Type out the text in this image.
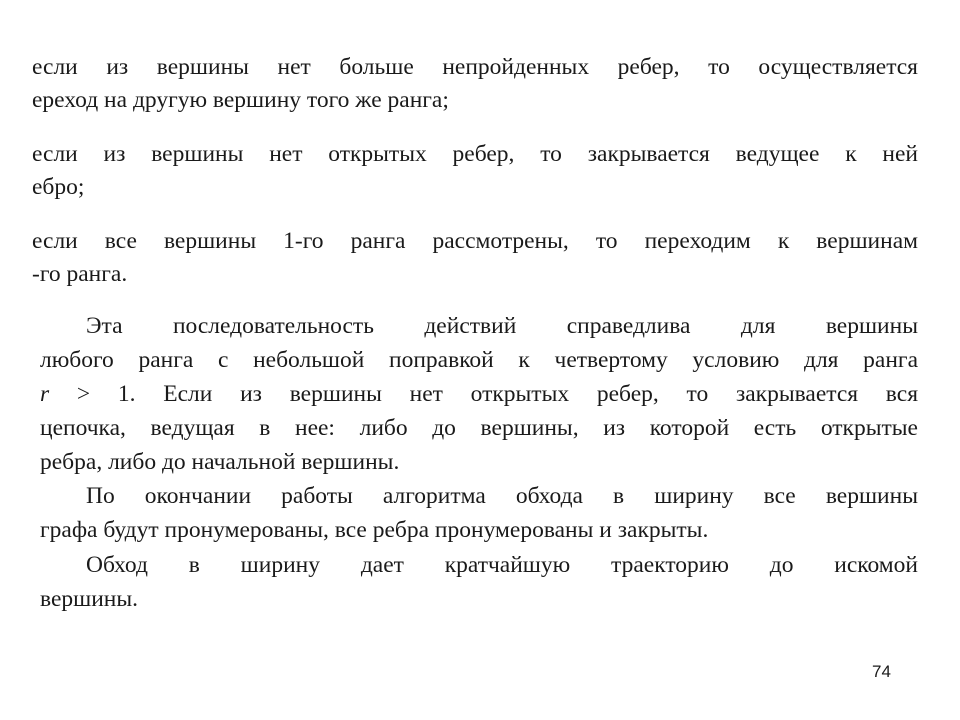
если из вершины нет больше непройденных ребер, то осуществляется
ереход на другую вершину того же ранга;
если из вершины нет открытых ребер, то закрывается ведущее к ней
ебро;
если все вершины 1-го ранга рассмотрены, то переходим к вершинам
-го ранга.
Эта последовательность действий справедлива для вершины
любого ранга с небольшой поправкой к четвертому условию для ранга
r > 1. Если из вершины нет открытых ребер, то закрывается вся
цепочка, ведущая в нее: либо до вершины, из которой есть открытые
ребра, либо до начальной вершины.
По окончании работы алгоритма обхода в ширину все вершины
графа будут пронумерованы, все ребра пронумерованы и закрыты.
Обход в ширину дает кратчайшую траекторию до искомой
вершины.
74
